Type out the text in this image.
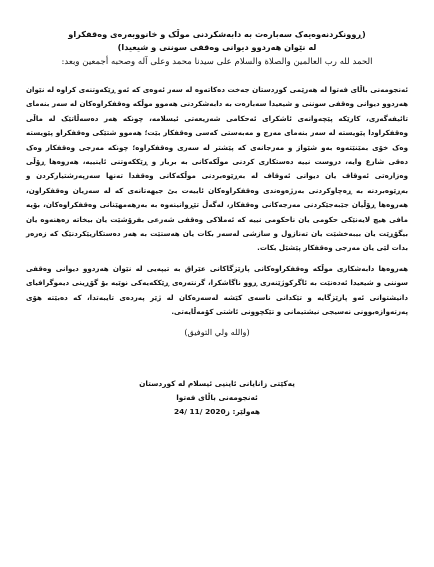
(ڕوونکردنەوەیەک سەبارەت بە دابەشکردنی موڵک و خانووبەرەی وەقفکراو
لە نێوان هەردوو دیوانی وەقفی سوننی و شیعیدا)
الحمد لله رب العالمين والصلاة والسلام على سيدنا محمد وعلى آله وصحبه أجمعين وبعد:

ئەنجومەنی باڵای فەتوا لە هەرێمی کوردستان جەخت دەکاتەوە لە سەر ئەوەی کە ئەو ڕێکەوتنەی کراوە لە نێوان هەردوو دیوانی وەقفی سوننی و شیعیدا سەبارەت بە دابەشکردنی هەموو موڵکە وەقفکراوەکان لە سەر بنەمای تائیفەگەری، کارێکە پێچەوانەی ئاشکرای ئەحکامی شەریعەتی ئیسلامە، چونکە هەر دەسەڵاتێک لە ماڵی وەقفکراودا پێویستە لە سەر بنەمای مەرج و مەبەستی کەسی وەقفکار بێت؛ هەموو شتێکی وەقفکراو پێویستە وەک خۆی بمێنێتەوە بەو شێواز و مەرجانەی کە پێشتر لە سەری وەقفکراوە؛ چونکە مەرجی وەقفکار وەک دەقی شارع وایە، دروست نییە دەستکاری کردنی موڵکەکانی بە بریار و ڕێککەوتنی ئاینییە، هەروەها ڕۆڵی وەزارەتی ئەوقاف یان دیوانی ئەوقاف لە بەڕێوەبردنی موڵکەکانی وەقفدا تەنها سەرپەرشتیارکردن و بەڕێوەبردنە بە ڕەچاوکردنی بەرژەوەندی وەقفکراوەکان ئاییەت بێ جیهەتانەی کە لە سەریان وەقفکراون، هەروەها ڕۆڵیان جێبەجێکردنی مەرجەکانی وەقفکار، لەگەڵ تێڕوانینەوە بە بەرهەمهێنانی وەقفکراوەکان، بۆیە مافی هیچ لایەنێکی حکومی یان ناحکومی نییە کە ئەملاکی وەقفی شەرعی بفرۆشێت یان بیخاتە رەهنەوە یان بیگۆڕێت یان بیبەخشێت یان تەنازول و سازشی لەسەر بکات یان هەستێت بە هەر دەستکاریێکردنێک کە زەرەر بدات لێی یان مەرجی وەقفکار پێشێل بکات.

هەروەها دابەشکاری موڵکە وەقفکراوەکانی پارێزگاکانی عێراق بە تیپەیی لە نێوان هەردوو دیوانی وەقفی سوننی و شیعیدا ئەدەنێت بە ئاگرکوژێنەری ڕوو ناگاشکرا، گرنتەرەی ڕێککەیەکی نوێیە بۆ گۆڕینی دیموگرافیای دانیشتوانی ئەو پارێزگایە و تێکدانی ناسەی کێشە لەسەرەکان لە ژێر پەردەی تایبەتدا، کە دەبێتە هۆی پەرتەوازەبوونی نەسیجی نیشتیمانی و تێکچوونی ئاشتی کۆمەڵایەتی.

(والله ولي التوفيق)
یەکێتی زانایانی ئاینیی ئیسلام لە کوردستان
ئەنجومەنی باڵای فەتوا
هەولێر: 24/ 11/ 2020ز
